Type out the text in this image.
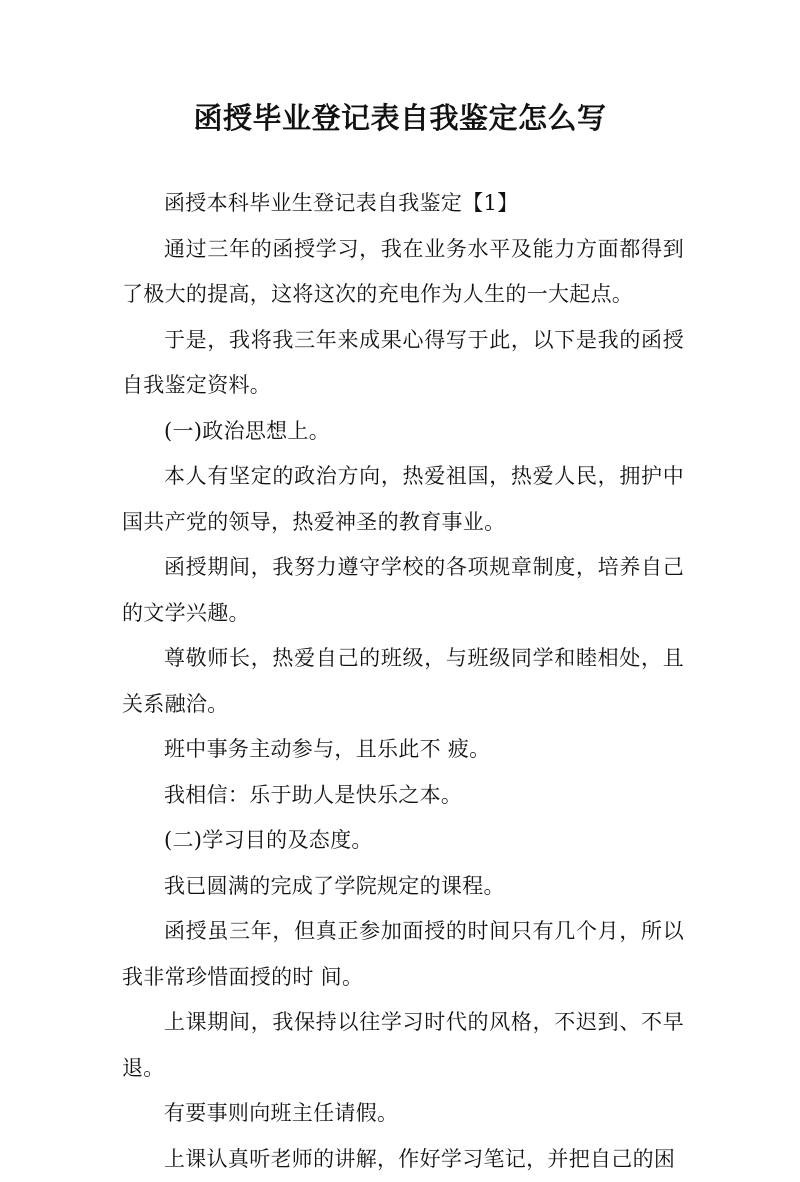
函授毕业登记表自我鉴定怎么写

函授本科毕业生登记表自我鉴定【1】

通过三年的函授学习，我在业务水平及能力方面都得到了极大的提高，这将这次的充电作为人生的一大起点。

于是，我将我三年来成果心得写于此，以下是我的函授自我鉴定资料。

(一)政治思想上。

本人有坚定的政治方向，热爱祖国，热爱人民，拥护中国共产党的领导，热爱神圣的教育事业。

函授期间，我努力遵守学校的各项规章制度，培养自己的文学兴趣。

尊敬师长，热爱自己的班级，与班级同学和睦相处，且关系融洽。

班中事务主动参与，且乐此不 疲。

我相信：乐于助人是快乐之本。

(二)学习目的及态度。

我已圆满的完成了学院规定的课程。

函授虽三年，但真正参加面授的时间只有几个月，所以我非常珍惜面授的时 间。

上课期间，我保持以往学习时代的风格，不迟到、不早退。

有要事则向班主任请假。

上课认真听老师的讲解，作好学习笔记，并把自己的困
